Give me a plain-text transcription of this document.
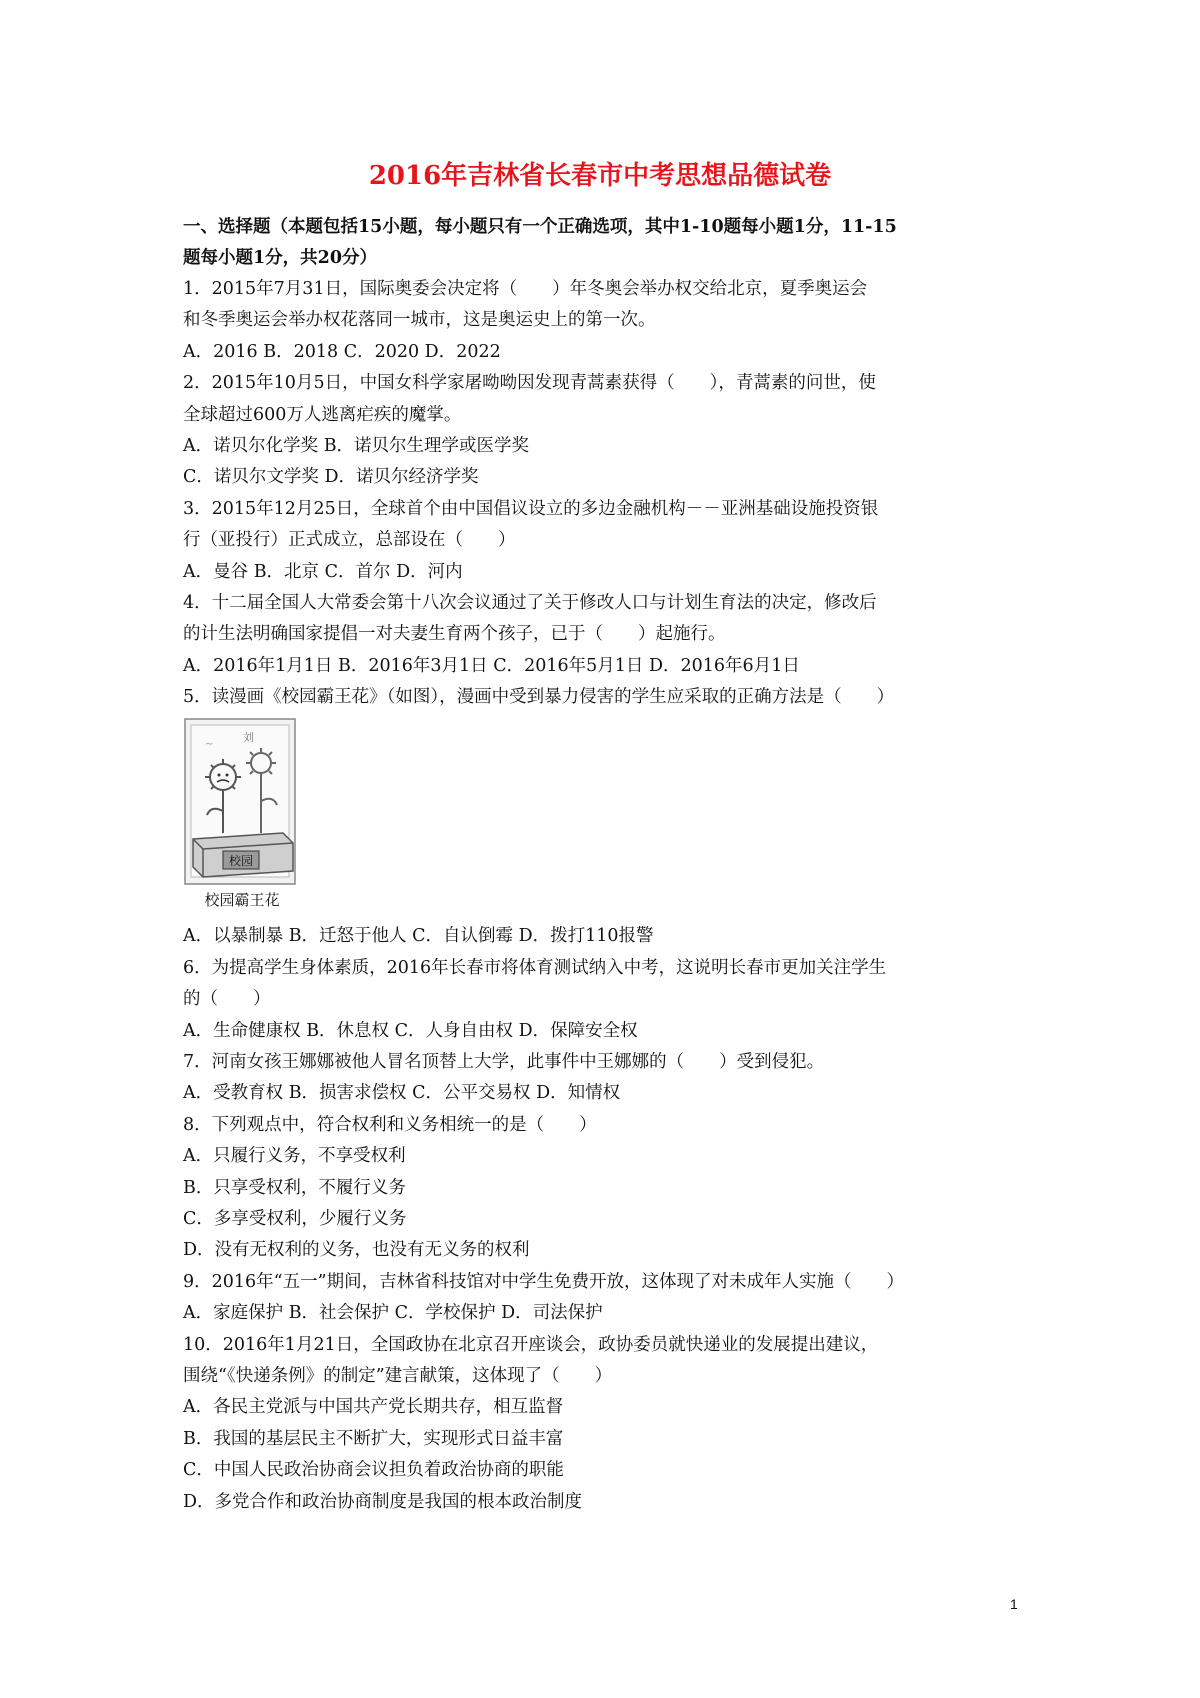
2016年吉林省长春市中考思想品德试卷
一、选择题（本题包括15小题，每小题只有一个正确选项，其中1-10题每小题1分，11-15
题每小题1分，共20分）
1．2015年7月31日，国际奥委会决定将（　　）年冬奥会举办权交给北京，夏季奥运会
和冬季奥运会举办权花落同一城市，这是奥运史上的第一次。
A．2016 B．2018 C．2020 D．2022
2．2015年10月5日，中国女科学家屠呦呦因发现青蒿素获得（　　），青蒿素的问世，使
全球超过600万人逃离疟疾的魔掌。
A．诺贝尔化学奖 B．诺贝尔生理学或医学奖
C．诺贝尔文学奖 D．诺贝尔经济学奖
3．2015年12月25日，全球首个由中国倡议设立的多边金融机构－－亚洲基础设施投资银
行（亚投行）正式成立，总部设在（　　）
A．曼谷 B．北京 C．首尔 D．河内
4．十二届全国人大常委会第十八次会议通过了关于修改人口与计划生育法的决定，修改后
的计生法明确国家提倡一对夫妻生育两个孩子，已于（　　）起施行。
A．2016年1月1日 B．2016年3月1日 C．2016年5月1日 D．2016年6月1日
5．读漫画《校园霸王花》（如图），漫画中受到暴力侵害的学生应采取的正确方法是（　　）
刘
~
校园
校园霸王花
A．以暴制暴 B．迁怒于他人 C．自认倒霉 D．拨打110报警
6．为提高学生身体素质，2016年长春市将体育测试纳入中考，这说明长春市更加关注学生
的（　　）
A．生命健康权 B．休息权 C．人身自由权 D．保障安全权
7．河南女孩王娜娜被他人冒名顶替上大学，此事件中王娜娜的（　　）受到侵犯。
A．受教育权 B．损害求偿权 C．公平交易权 D．知情权
8．下列观点中，符合权利和义务相统一的是（　　）
A．只履行义务，不享受权利
B．只享受权利，不履行义务
C．多享受权利，少履行义务
D．没有无权利的义务，也没有无义务的权利
9．2016年“五一”期间，吉林省科技馆对中学生免费开放，这体现了对未成年人实施（　　）
A．家庭保护 B．社会保护 C．学校保护 D．司法保护
10．2016年1月21日，全国政协在北京召开座谈会，政协委员就快递业的发展提出建议，
围绕“《快递条例》的制定”建言献策，这体现了（　　）
A．各民主党派与中国共产党长期共存，相互监督
B．我国的基层民主不断扩大，实现形式日益丰富
C．中国人民政治协商会议担负着政治协商的职能
D．多党合作和政治协商制度是我国的根本政治制度
1
